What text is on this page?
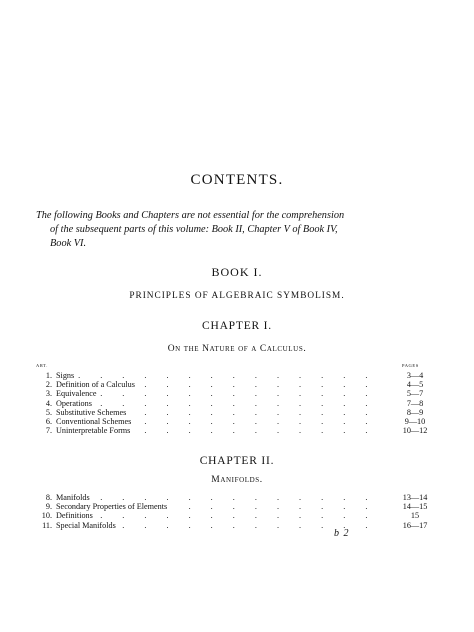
CONTENTS.
The following Books and Chapters are not essential for the comprehension
of the subsequent parts of this volume: Book II, Chapter V of Book IV,
Book VI.
BOOK I.
PRINCIPLES OF ALGEBRAIC SYMBOLISM.
CHAPTER I.
On the Nature of a Calculus.
ART.	PAGES
1. Signs . . .	3—4
2. Definition of a Calculus . . .	4—5
3. Equivalence . . .	5—7
4. Operations . . .	7—8
5. Substitutive Schemes . . .	8—9
6. Conventional Schemes . . .	9—10
7. Uninterpretable Forms . . .	10—12
CHAPTER II.
Manifolds.
8. Manifolds . . .	13—14
9. Secondary Properties of Elements . . .	14—15
10. Definitions . . .	15
11. Special Manifolds . . .	16—17
b 2
